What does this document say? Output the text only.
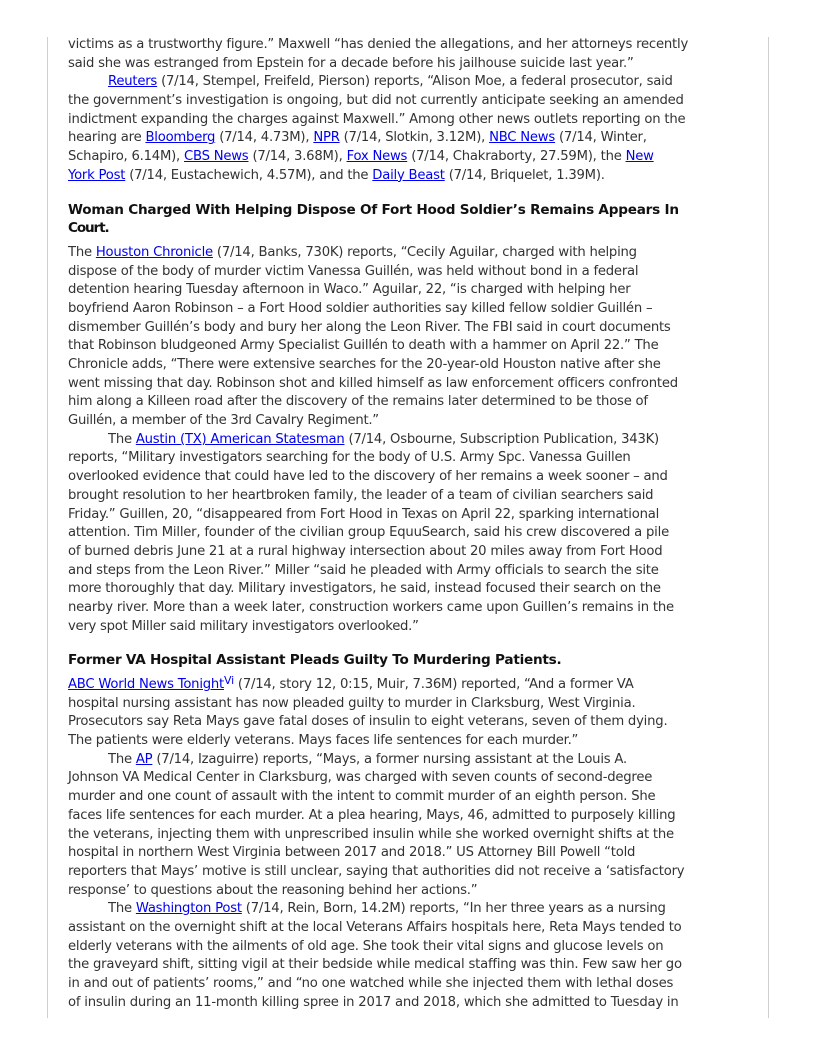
victims as a trustworthy figure.” Maxwell “has denied the allegations, and her attorneys recently
said she was estranged from Epstein for a decade before his jailhouse suicide last year.”
Reuters (7/14, Stempel, Freifeld, Pierson) reports, “Alison Moe, a federal prosecutor, said
the government’s investigation is ongoing, but did not currently anticipate seeking an amended
indictment expanding the charges against Maxwell.” Among other news outlets reporting on the
hearing are Bloomberg (7/14, 4.73M), NPR (7/14, Slotkin, 3.12M), NBC News (7/14, Winter,
Schapiro, 6.14M), CBS News (7/14, 3.68M), Fox News (7/14, Chakraborty, 27.59M), the New
York Post (7/14, Eustachewich, 4.57M), and the Daily Beast (7/14, Briquelet, 1.39M).
Woman Charged With Helping Dispose Of Fort Hood Soldier’s Remains Appears In
Court.
The Houston Chronicle (7/14, Banks, 730K) reports, “Cecily Aguilar, charged with helping
dispose of the body of murder victim Vanessa Guillén, was held without bond in a federal
detention hearing Tuesday afternoon in Waco.” Aguilar, 22, “is charged with helping her
boyfriend Aaron Robinson – a Fort Hood soldier authorities say killed fellow soldier Guillén –
dismember Guillén’s body and bury her along the Leon River. The FBI said in court documents
that Robinson bludgeoned Army Specialist Guillén to death with a hammer on April 22.” The
Chronicle adds, “There were extensive searches for the 20-year-old Houston native after she
went missing that day. Robinson shot and killed himself as law enforcement officers confronted
him along a Killeen road after the discovery of the remains later determined to be those of
Guillén, a member of the 3rd Cavalry Regiment.”
The Austin (TX) American Statesman (7/14, Osbourne, Subscription Publication, 343K)
reports, “Military investigators searching for the body of U.S. Army Spc. Vanessa Guillen
overlooked evidence that could have led to the discovery of her remains a week sooner – and
brought resolution to her heartbroken family, the leader of a team of civilian searchers said
Friday.” Guillen, 20, “disappeared from Fort Hood in Texas on April 22, sparking international
attention. Tim Miller, founder of the civilian group EquuSearch, said his crew discovered a pile
of burned debris June 21 at a rural highway intersection about 20 miles away from Fort Hood
and steps from the Leon River.” Miller “said he pleaded with Army officials to search the site
more thoroughly that day. Military investigators, he said, instead focused their search on the
nearby river. More than a week later, construction workers came upon Guillen’s remains in the
very spot Miller said military investigators overlooked.”
Former VA Hospital Assistant Pleads Guilty To Murdering Patients.
ABC World News Tonight$^{Vi}$ (7/14, story 12, 0:15, Muir, 7.36M) reported, “And a former VA
hospital nursing assistant has now pleaded guilty to murder in Clarksburg, West Virginia.
Prosecutors say Reta Mays gave fatal doses of insulin to eight veterans, seven of them dying.
The patients were elderly veterans. Mays faces life sentences for each murder.”
The AP (7/14, Izaguirre) reports, “Mays, a former nursing assistant at the Louis A.
Johnson VA Medical Center in Clarksburg, was charged with seven counts of second-degree
murder and one count of assault with the intent to commit murder of an eighth person. She
faces life sentences for each murder. At a plea hearing, Mays, 46, admitted to purposely killing
the veterans, injecting them with unprescribed insulin while she worked overnight shifts at the
hospital in northern West Virginia between 2017 and 2018.” US Attorney Bill Powell “told
reporters that Mays’ motive is still unclear, saying that authorities did not receive a ‘satisfactory
response’ to questions about the reasoning behind her actions.”
The Washington Post (7/14, Rein, Born, 14.2M) reports, “In her three years as a nursing
assistant on the overnight shift at the local Veterans Affairs hospitals here, Reta Mays tended to
elderly veterans with the ailments of old age. She took their vital signs and glucose levels on
the graveyard shift, sitting vigil at their bedside while medical staffing was thin. Few saw her go
in and out of patients’ rooms,” and “no one watched while she injected them with lethal doses
of insulin during an 11-month killing spree in 2017 and 2018, which she admitted to Tuesday in
